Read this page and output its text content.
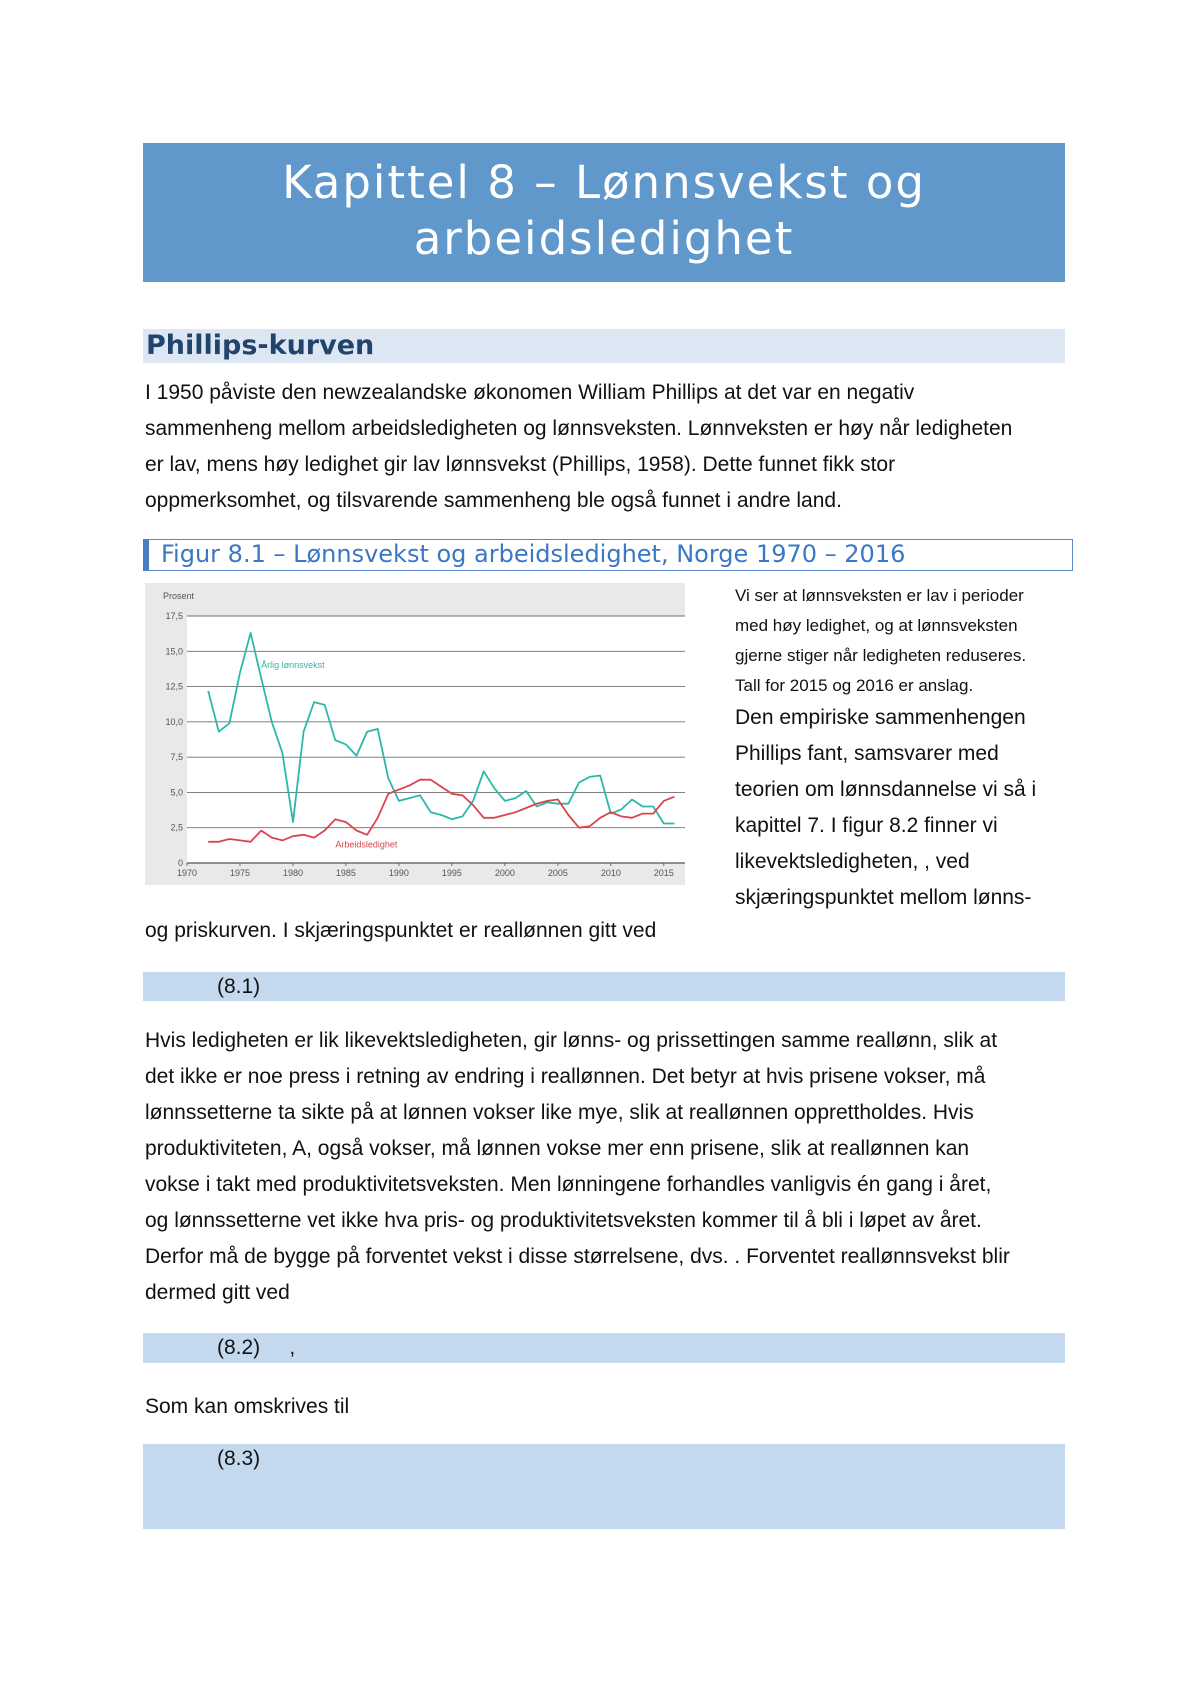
Kapittel 8 – Lønnsvekst og
arbeidsledighet
Phillips-kurven
I 1950 påviste den newzealandske økonomen William Phillips at det var en negativ
sammenheng mellom arbeidsledigheten og lønnsveksten. Lønnveksten er høy når ledigheten
er lav, mens høy ledighet gir lav lønnsvekst (Phillips, 1958). Dette funnet fikk stor
oppmerksomhet, og tilsvarende sammenheng ble også funnet i andre land.
Figur 8.1 – Lønnsvekst og arbeidsledighet, Norge 1970 – 2016
0
2,5
5,0
7,5
10,0
12,5
15,0
17,5
Prosent
1970	1975	1980	1985	1990	1995	2000	2005	2010	2015
Årlig lønnsvekst
Arbeidsledighet
Vi ser at lønnsveksten er lav i perioder
med høy ledighet, og at lønnsveksten
gjerne stiger når ledigheten reduseres.
Tall for 2015 og 2016 er anslag.
Den empiriske sammenhengen
Phillips fant, samsvarer med
teorien om lønnsdannelse vi så i
kapittel 7. I figur 8.2 finner vi
likevektsledigheten, , ved
skjæringspunktet mellom lønns-
og priskurven. I skjæringspunktet er reallønnen gitt ved
(8.1)
Hvis ledigheten er lik likevektsledigheten, gir lønns- og prissettingen samme reallønn, slik at
det ikke er noe press i retning av endring i reallønnen. Det betyr at hvis prisene vokser, må
lønnssetterne ta sikte på at lønnen vokser like mye, slik at reallønnen opprettholdes. Hvis
produktiviteten, A, også vokser, må lønnen vokse mer enn prisene, slik at reallønnen kan
vokse i takt med produktivitetsveksten. Men lønningene forhandles vanligvis én gang i året,
og lønnssetterne vet ikke hva pris- og produktivitetsveksten kommer til å bli i løpet av året.
Derfor må de bygge på forventet vekst i disse størrelsene, dvs. . Forventet reallønnsvekst blir
dermed gitt ved
(8.2)     ,
Som kan omskrives til
(8.3)
